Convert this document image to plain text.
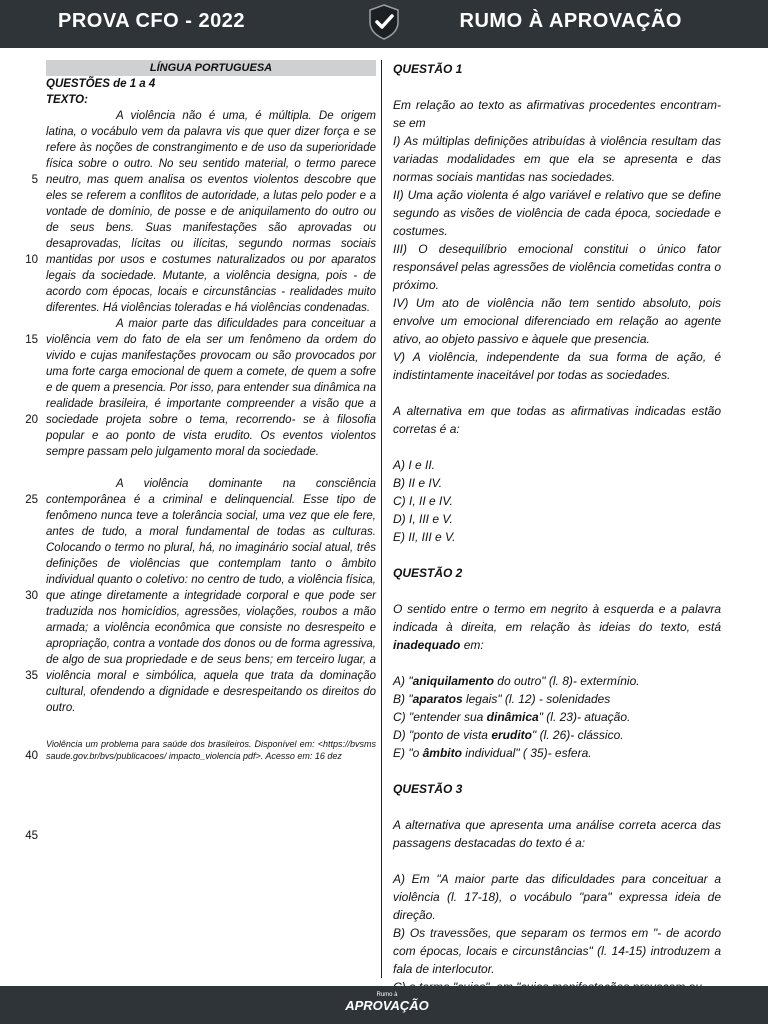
PROVA CFO - 2022	RUMO À APROVAÇÃO
LÍNGUA PORTUGUESA
QUESTÕES de 1 a 4
TEXTO:
5
10
15
20
25
30
35
40
45

A violência não é uma, é múltipla. De origem latina, o vocábulo vem da palavra vis que quer dizer força e se refere às noções de constrangimento e de uso da superioridade física sobre o outro. No seu sentido material, o termo parece neutro, mas quem analisa os eventos violentos descobre que eles se referem a conflitos de autoridade, a lutas pelo poder e a vontade de domínio, de posse e de aniquilamento do outro ou de seus bens. Suas manifestações são aprovadas ou desaprovadas, lícitas ou ilícitas, segundo normas sociais mantidas por usos e costumes naturalizados ou por aparatos legais da sociedade. Mutante, a violência designa, pois - de acordo com épocas, locais e circunstâncias - realidades muito diferentes. Há violências toleradas e há violências condenadas.

A maior parte das dificuldades para conceituar a violência vem do fato de ela ser um fenômeno da ordem do vivido e cujas manifestações provocam ou são provocados por uma forte carga emocional de quem a comete, de quem a sofre e de quem a presencia. Por isso, para entender sua dinâmica na realidade brasileira, é importante compreender a visão que a sociedade projeta sobre o tema, recorrendo- se à filosofia popular e ao ponto de vista erudito. Os eventos violentos sempre passam pelo julgamento moral da sociedade.

A violência dominante na consciência contemporânea é a criminal e delinquencial. Esse tipo de fenômeno nunca teve a tolerância social, uma vez que ele fere, antes de tudo, a moral fundamental de todas as culturas. Colocando o termo no plural, há, no imaginário social atual, três definições de violências que contemplam tanto o âmbito individual quanto o coletivo: no centro de tudo, a violência física, que atinge diretamente a integridade corporal e que pode ser traduzida nos homicídios, agressões, violações, roubos a mão armada; a violência econômica que consiste no desrespeito e apropriação, contra a vontade dos donos ou de forma agressiva, de algo de sua propriedade e de seus bens; em terceiro lugar, a violência moral e simbólica, aquela que trata da dominação cultural, ofendendo a dignidade e desrespeitando os direitos do outro.

Violência um problema para saúde dos brasileiros. Disponível em: <https://bvsms saude.gov.br/bvs/publicacoes/ impacto_violencia pdf>. Acesso em: 16 dez

QUESTÃO 1

Em relação ao texto as afirmativas procedentes encontram-se em

I) As múltiplas definições atribuídas à violência resultam das variadas modalidades em que ela se apresenta e das normas sociais mantidas nas sociedades.

II) Uma ação violenta é algo variável e relativo que se define segundo as visões de violência de cada época, sociedade e costumes.

III) O desequilíbrio emocional constitui o único fator responsável pelas agressões de violência cometidas contra o próximo.

IV) Um ato de violência não tem sentido absoluto, pois envolve um emocional diferenciado em relação ao agente ativo, ao objeto passivo e àquele que presencia.

V) A violência, independente da sua forma de ação, é indistintamente inaceitável por todas as sociedades.

A alternativa em que todas as afirmativas indicadas estão corretas é a:

A) I e II.

B) II e IV.

C) I, II e IV.

D) I, III e V.

E) II, III e V.

QUESTÃO 2

O sentido entre o termo em negrito à esquerda e a palavra indicada à direita, em relação às ideias do texto, está inadequado em:

A) "aniquilamento do outro" (l. 8)- extermínio.

B) "aparatos legais" (l. 12) - solenidades

C) "entender sua dinâmica" (l. 23)- atuação.

D) "ponto de vista erudito" (l. 26)- clássico.

E) "o âmbito individual" ( 35)- esfera.

QUESTÃO 3

A alternativa que apresenta uma análise correta acerca das passagens destacadas do texto é a:

A) Em "A maior parte das dificuldades para conceituar a violência (l. 17-18), o vocábulo "para" expressa ideia de direção.

B) Os travessões, que separam os termos em "- de acordo com épocas, locais e circunstâncias" (l. 14-15) introduzem a fala de interlocutor.

Rumo à
APROVAÇÃO
